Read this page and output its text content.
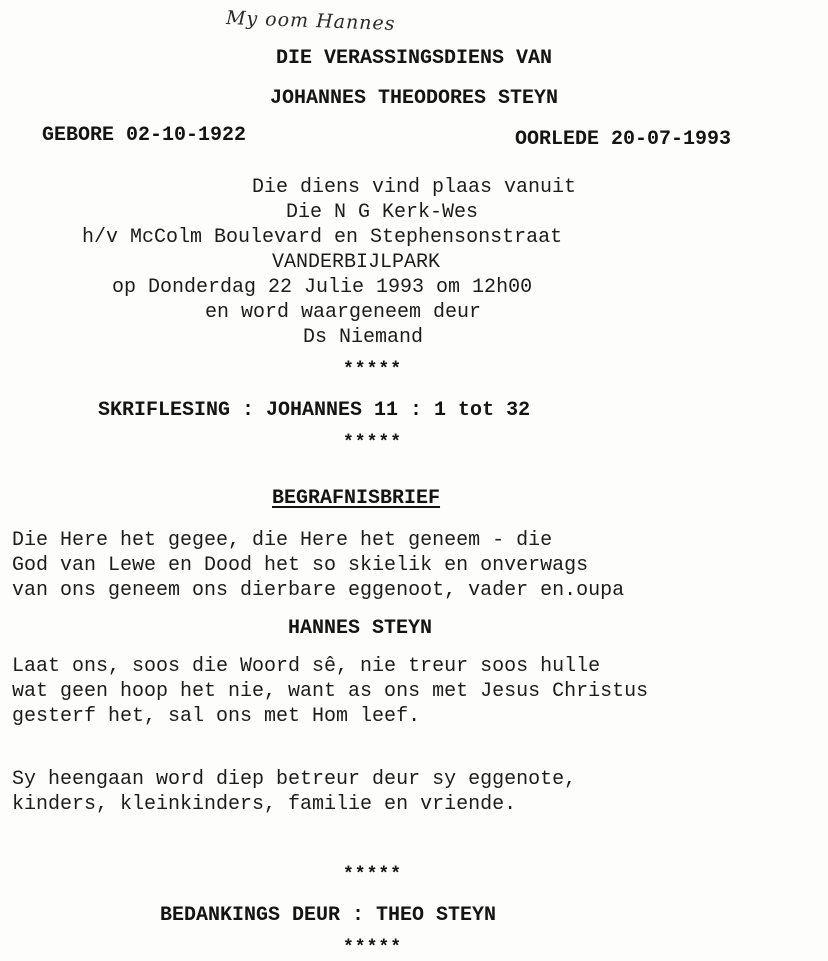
My oom Hannes
DIE VERASSINGSDIENS VAN
JOHANNES THEODORES STEYN
GEBORE 02-10-1922	OORLEDE 20-07-1993
Die diens vind plaas vanuit
Die N G Kerk-Wes
h/v McColm Boulevard en Stephensonstraat
VANDERBIJLPARK
op Donderdag 22 Julie 1993 om 12h00
en word waargeneem deur
Ds Niemand
*****
SKRIFLESING : JOHANNES 11 : 1 tot 32
*****
BEGRAFNISBRIEF
Die Here het gegee, die Here het geneem - die
God van Lewe en Dood het so skielik en onverwags
van ons geneem ons dierbare eggenoot, vader en.oupa
HANNES STEYN
Laat ons, soos die Woord sê, nie treur soos hulle
wat geen hoop het nie, want as ons met Jesus Christus
gesterf het, sal ons met Hom leef.
Sy heengaan word diep betreur deur sy eggenote,
kinders, kleinkinders, familie en vriende.
*****
BEDANKINGS DEUR : THEO STEYN
*****
